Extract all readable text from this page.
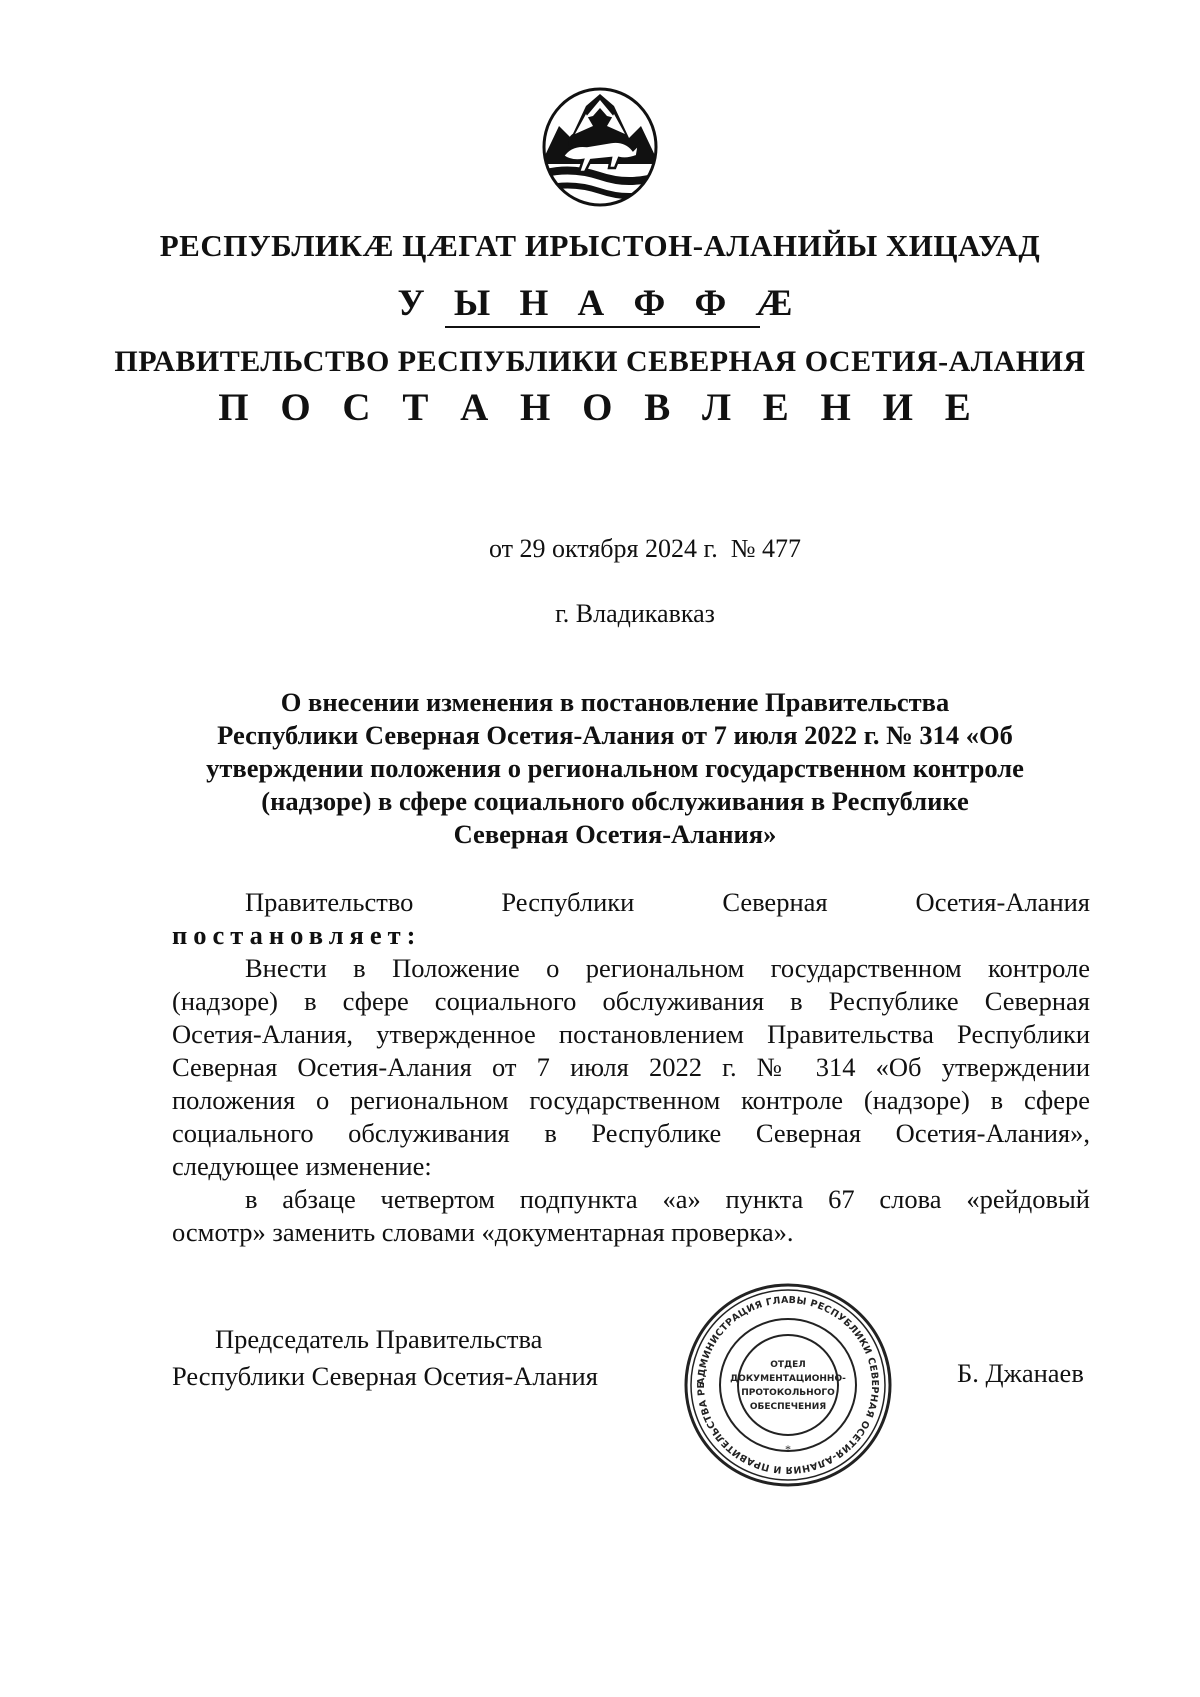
РЕСПУБЛИКӔ ЦӔГАТ ИРЫСТОН-АЛАНИЙЫ ХИЦАУАД
У Ы Н А Ф Ф Ӕ
ПРАВИТЕЛЬСТВО РЕСПУБЛИКИ СЕВЕРНАЯ ОСЕТИЯ-АЛАНИЯ
П О С Т А Н О В Л Е Н И Е
от 29 октября 2024 г.  № 477
г. Владикавказ
О внесении изменения в постановление Правительства
Республики Северная Осетия-Алания от 7 июля 2022 г. № 314 «Об
утверждении положения о региональном государственном контроле
(надзоре) в сфере социального обслуживания в Республике
Северная Осетия-Алания»
Правительство Республики Северная Осетия-Алания
постановляет:
Внести в Положение о региональном государственном контроле
(надзоре) в сфере социального обслуживания в Республике Северная
Осетия-Алания, утвержденное постановлением Правительства Республики
Северная Осетия-Алания от 7 июля 2022 г. № 314 «Об утверждении
положения о региональном государственном контроле (надзоре) в сфере
социального обслуживания в Республике Северная Осетия-Алания»,
следующее изменение:
в абзаце четвертом подпункта «а» пункта 67 слова «рейдовый
осмотр» заменить словами «документарная проверка».
Председатель Правительства
Республики Северная Осетия-Алания	АДМИНИСТРАЦИЯ ГЛАВЫ РЕСПУБЛИКИ СЕВЕРНАЯ ОСЕТИЯ-АЛАНИЯ И ПРАВИТЕЛЬСТВА РЕ
ОТДЕЛ
ДОКУМЕНТАЦИОННО-
ПРОТОКОЛЬНОГО
ОБЕСПЕЧЕНИЯ
*
Б. Джанаев
